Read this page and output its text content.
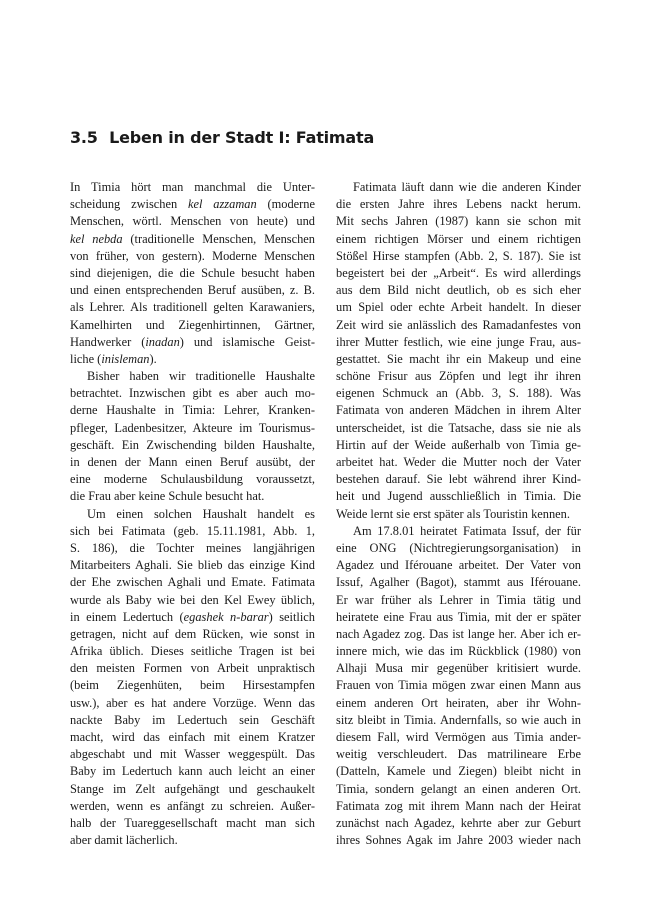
3.5 Leben in der Stadt I: Fatimata
In Timia hört man manchmal die Unter-
scheidung zwischen kel azzaman (moderne
Menschen, wörtl. Menschen von heute) und
kel nebda (traditionelle Menschen, Menschen
von früher, von gestern). Moderne Menschen
sind diejenigen, die die Schule besucht haben
und einen entsprechenden Beruf ausüben, z. B.
als Lehrer. Als traditionell gelten Karawaniers,
Kamelhirten und Ziegenhirtinnen, Gärtner,
Handwerker (inadan) und islamische Geist-
liche (inisleman).
Bisher haben wir traditionelle Haushalte
betrachtet. Inzwischen gibt es aber auch mo-
derne Haushalte in Timia: Lehrer, Kranken-
pfleger, Ladenbesitzer, Akteure im Tourismus-
geschäft. Ein Zwischending bilden Haushalte,
in denen der Mann einen Beruf ausübt, der
eine moderne Schulausbildung voraussetzt,
die Frau aber keine Schule besucht hat.
Um einen solchen Haushalt handelt es
sich bei Fatimata (geb. 15.11.1981, Abb. 1,
S. 186), die Tochter meines langjährigen
Mitarbeiters Aghali. Sie blieb das einzige Kind
der Ehe zwischen Aghali und Emate. Fatimata
wurde als Baby wie bei den Kel Ewey üblich,
in einem Ledertuch (egashek n-barar) seitlich
getragen, nicht auf dem Rücken, wie sonst in
Afrika üblich. Dieses seitliche Tragen ist bei
den meisten Formen von Arbeit unpraktisch
(beim Ziegenhüten, beim Hirsestampfen
usw.), aber es hat andere Vorzüge. Wenn das
nackte Baby im Ledertuch sein Geschäft
macht, wird das einfach mit einem Kratzer
abgeschabt und mit Wasser weggespült. Das
Baby im Ledertuch kann auch leicht an einer
Stange im Zelt aufgehängt und geschaukelt
werden, wenn es anfängt zu schreien. Außer-
halb der Tuareggesellschaft macht man sich
aber damit lächerlich.
Fatimata läuft dann wie die anderen Kinder
die ersten Jahre ihres Lebens nackt herum.
Mit sechs Jahren (1987) kann sie schon mit
einem richtigen Mörser und einem richtigen
Stößel Hirse stampfen (Abb. 2, S. 187). Sie ist
begeistert bei der „Arbeit“. Es wird allerdings
aus dem Bild nicht deutlich, ob es sich eher
um Spiel oder echte Arbeit handelt. In dieser
Zeit wird sie anlässlich des Ramadanfestes von
ihrer Mutter festlich, wie eine junge Frau, aus-
gestattet. Sie macht ihr ein Makeup und eine
schöne Frisur aus Zöpfen und legt ihr ihren
eigenen Schmuck an (Abb. 3, S. 188). Was
Fatimata von anderen Mädchen in ihrem Alter
unterscheidet, ist die Tatsache, dass sie nie als
Hirtin auf der Weide außerhalb von Timia ge-
arbeitet hat. Weder die Mutter noch der Vater
bestehen darauf. Sie lebt während ihrer Kind-
heit und Jugend ausschließlich in Timia. Die
Weide lernt sie erst später als Touristin kennen.
Am 17.8.01 heiratet Fatimata Issuf, der für
eine ONG (Nichtregierungsorganisation) in
Agadez und Iférouane arbeitet. Der Vater von
Issuf, Agalher (Bagot), stammt aus Iférouane.
Er war früher als Lehrer in Timia tätig und
heiratete eine Frau aus Timia, mit der er später
nach Agadez zog. Das ist lange her. Aber ich er-
innere mich, wie das im Rückblick (1980) von
Alhaji Musa mir gegenüber kritisiert wurde.
Frauen von Timia mögen zwar einen Mann aus
einem anderen Ort heiraten, aber ihr Wohn-
sitz bleibt in Timia. Andernfalls, so wie auch in
diesem Fall, wird Vermögen aus Timia ander-
weitig verschleudert. Das matrilineare Erbe
(Datteln, Kamele und Ziegen) bleibt nicht in
Timia, sondern gelangt an einen anderen Ort.
Fatimata zog mit ihrem Mann nach der Heirat
zunächst nach Agadez, kehrte aber zur Geburt
ihres Sohnes Agak im Jahre 2003 wieder nach
